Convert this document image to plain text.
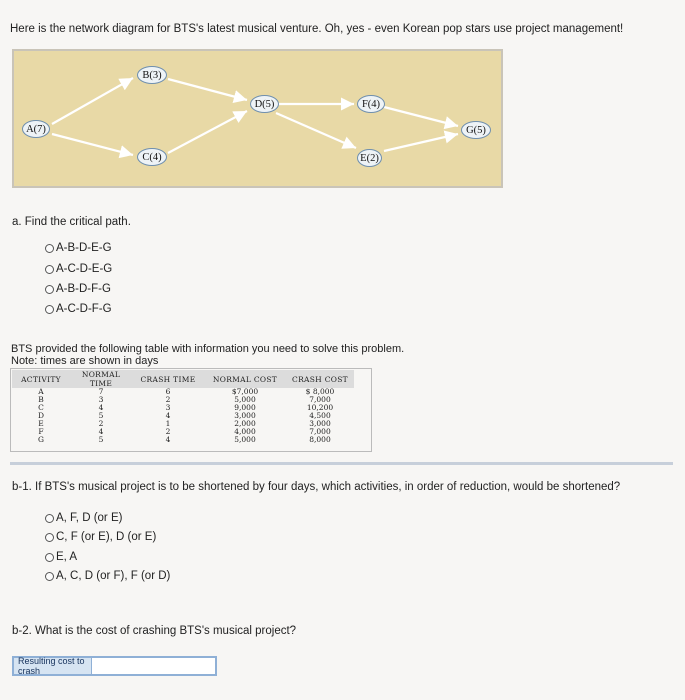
Here is the network diagram for BTS's latest musical venture. Oh, yes - even Korean pop stars use project management!
A(7)
B(3)
C(4)
D(5)	F(4)
E(2)
G(5)
a. Find the critical path.
A-B-D-E-G
A-C-D-E-G
A-B-D-F-G
A-C-D-F-G
BTS provided the following table with information you need to solve this problem.
Note: times are shown in days
ACTIVITY	NORMAL TIME	CRASH TIME	NORMAL COST	CRASH COST
A	7	6	$7,000	$ 8,000
B	3	2	5,000	7,000
C	4	3	9,000	10,200
D	5	4	3,000	4,500
E	2	1	2,000	3,000
F	4	2	4,000	7,000
G	5	4	5,000	8,000
b-1. If BTS's musical project is to be shortened by four days, which activities, in order of reduction, would be shortened?
A, F, D (or E)
C, F (or E), D (or E)
E, A
A, C, D (or F), F (or D)
b-2. What is the cost of crashing BTS's musical project?
Resulting cost to crash
